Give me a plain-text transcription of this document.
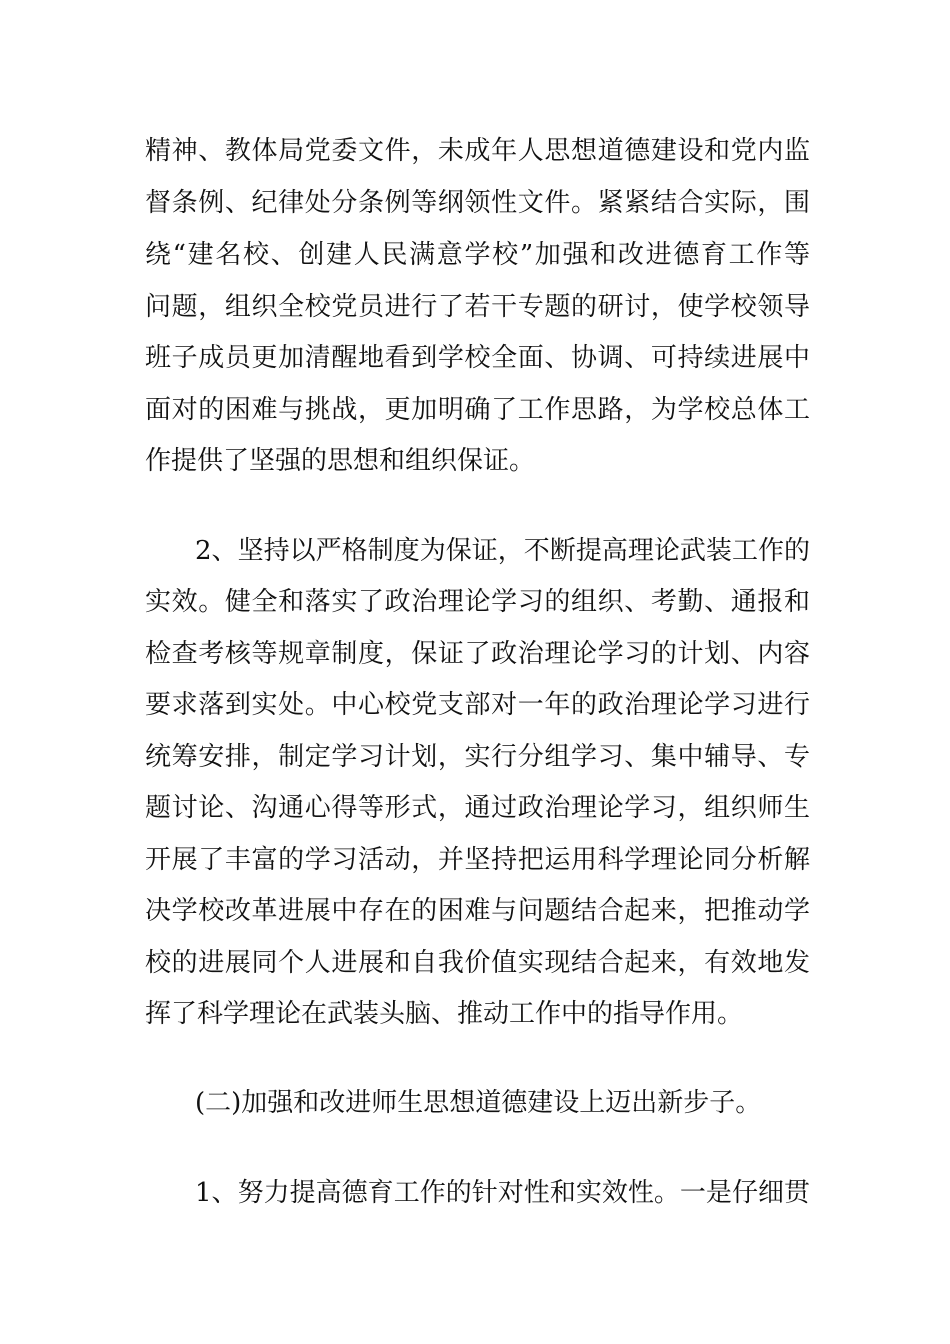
精神、教体局党委文件，未成年人思想道德建设和党内监
督条例、纪律处分条例等纲领性文件。紧紧结合实际，围
绕“建名校、创建人民满意学校”加强和改进德育工作等
问题，组织全校党员进行了若干专题的研讨，使学校领导
班子成员更加清醒地看到学校全面、协调、可持续进展中
面对的困难与挑战，更加明确了工作思路，为学校总体工
作提供了坚强的思想和组织保证。
2、坚持以严格制度为保证，不断提高理论武装工作的
实效。健全和落实了政治理论学习的组织、考勤、通报和
检查考核等规章制度，保证了政治理论学习的计划、内容
要求落到实处。中心校党支部对一年的政治理论学习进行
统筹安排，制定学习计划，实行分组学习、集中辅导、专
题讨论、沟通心得等形式，通过政治理论学习，组织师生
开展了丰富的学习活动，并坚持把运用科学理论同分析解
决学校改革进展中存在的困难与问题结合起来，把推动学
校的进展同个人进展和自我价值实现结合起来，有效地发
挥了科学理论在武装头脑、推动工作中的指导作用。
(二)加强和改进师生思想道德建设上迈出新步子。
1、努力提高德育工作的针对性和实效性。一是仔细贯
